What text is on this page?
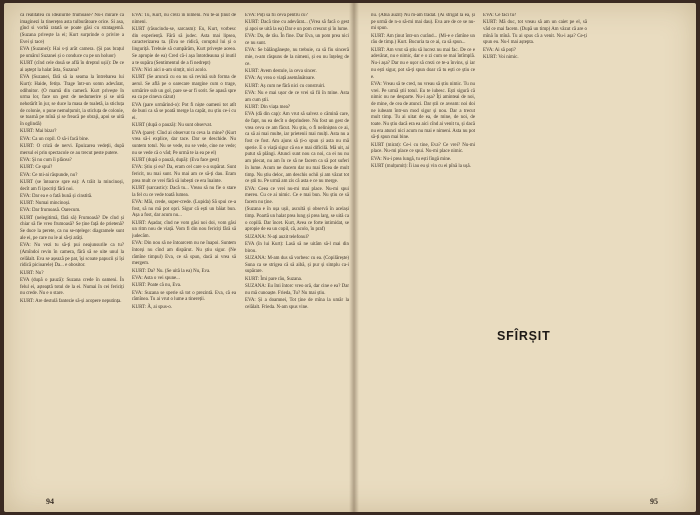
cã realitatea cu idealurile frumoase? Nu-i mirare cã imaginezi la tinerețea asta tulburãtoare orice. Si asa, gînd si vorbã ratatã se poate gãsi cu stratagemã. (Suzana privește la ei; Kurt surprinde o privire a Evei și tace)

EVA (Suzanei): Hai s-ți arãt camera. (Și pas brațul pe umãrul Suzanei și o conduce cu pe un holuor)

KURT (cînd cele douã se aflã în dreptul ușii): De ce ai aștept la halat ãsta, Suzana?

EVA (Suzanei, fãrã sã ia seama la întrebarea lui Kurt): Haide, fetițo. Trage într-un somn adevãrat, odihnitor. (O mamã din camerã. Kurt privește în urma lor, face un gest de nedumerire și se uitã nehotãrît în jur, se duce la masa de toaletã, ia sticluța de colonie, o pune nemulțumit, ia sticluța de colonie, se toarnã pe mînã și se freacã pe obraji, apoi se uitã în oglindã)

KURT: Mai bizar?

EVA: Ca un copil. O sã-i facã bine.

KURT: O crizã de nervi. Epuizarea vedeții, dupã mersul ei prin spectacole ce au trecut peste putere.

EVA: Și nu cum îi plãcea?

KURT: Ce spui?

EVA: Ce mi-ai rãspunde, nu?

KURT (se întoarce spre ea): A trãit la mincinoși, decît am fi ipocriți fãrã noi.

EVA: Dar ea e o fatã bunã și cinstitã.

KURT: Numai mincinoși.

EVA: Dar frumoasã. Oarecum.

KURT (nelegitimã, fãrã sã) Frumoasã? De cînd și chiar sã fie vreo frumoasã? Se ține fațã de prietenă? Se duce la perete, ca nu se-nțelege: diagramele sunt ale ei, pe care nu le ai sã-ți arãți.

EVA: Nu vezi tu sã-ți pui neajunsurile ca tu? (Amîndoi revin în camera, fãrã sã se uite unul la celãlalt. Eva se așeazã pe pat, își scoate papucii și își ridicã picioarele) Da... e obositor.

KURT: Nu?

EVA (dupã o pauzã): Suzana crede în oameni. În felul ei, așteaptã totul de la ei. Numai în cei fericiți nu crede. Nu e o stare.

KURT: Are destulã fantezie sã-și acopere neputința.

EVA: Tu, Kurt, nu crezi în nimeni. Nu te-ai ținut de nimeni.

KURT (rãsucindu-se, sarcasm): Eu, Kurt, vorbesc din experiențã. Fãrã sã judec. Asta mai lipsea, caracterizarea ta. (Eva se ridicã, coruptul lui și o linguriță. Trebuie sã cumpãrãm, Kurt privește aceea. Se apropie de ea) Cred cã-i așa întotdeauna și inutil a te supãra (Sentimentul de a fi nedrept)

EVA: Nici aici n-am simțit, nici acolo.

KURT (Se aruncã cu ea nu sã revinã sub forma de aerul. Se aflã pe o oarecare margine cum o trage, urmãrire sub un gol, pare se-ar fi sorit. Se apasã spre ea ca pe cineva căzut)

EVA (pare urmãrind-o): Pot fi niște oameni tot atît de buni ca sã se poatã merge la capãt, nu știu ce-i cu ei.

KURT (dupã o pauzã): Nu sunt observat.

EVA (pare): Cînd ai observat tu ceva la mine? (Kurt vrea sã-i explice, dar tace. Dar se deschide. Nu suntem totul. Nu se vede, nu se vede, cine ne vede; nu se vede că o văd; Pe urmă te ia ea pe el)

KURT (dupã o pauzã, dupã): (Eva face gest)

EVA: Știu și eu? Da, eram cel care s-a supãrat. Sunt fericit, nu mai sunt. Nu mai am ce să-ți dau. Eram prea mult ce vrei fãrã sã iubești ce era înainte.

KURT (sarcastic): Dacã tu... Vreau sã nu fie o stare la fel cu ce vede toatã lumea.

EVA: Mãi, crede, super-crede. (Lupida) Să spui ce-a fost, să nu mă pot opri. Sigur că ești un băiat bun. Așa a fost, dar acum nu...

KURT: Așadar, cînd ne vom găsi noi doi, vom găsi un ritm nou de viață. Vom fi din nou fericiți fără să judecăm.

EVA: Din nou sã ne întoarcem nu ne înapoi. Suntem întorși nu cînd am dispărut. Nu știu sigur. (Ne rãmîne timpul) Eva, ce să spun, dacă ai vrea să mergem.

KURT: Da? Nu. (Se uitã la ea) Nu, Eva.

EVA: Asta o vei spune...

KURT: Poate cã nu, Eva.

EVA: Suzana se sperie sã tot o prezintã. Eva, cã ea rãmînea. Tu ai vrut o lume a tinereții.

KURT: Ã, ai spus-o.

EVA: Poți să fii ceva pentru cu?

KURT: Dacã tine cu adevãrat... (Vrea sã facã o gest și apoi se uitã la ea) Dar e un pom crescut și în lume.

EVA: Da, de rãu. În fine. Dar Eva, un pom prea nici ce nu sunt.

EVA: Se bãlãngãnește, nu trebuie, ca sã fiu sincerã mie, n-am răspuns de la nimeni, și eu nu înțeleg de ce.

KURT: Avem destule, ia ceva sincer.

EVA: Aș vrea o viață asemănătoare.

KURT: Aș cum ne fãrã nici cu construiri.

EVA: Nu e mai ușor de ce vrei să fii în mine. Asta am cum știi.

KURT: Din viața mea?

EVA (dã din cap): Am vrut să salvez o cãminã care, de fapt, nu ea decît o deprindere. Nu fost un gest de vrea ceva ce am fãcut. Nu știu, o fi neliniștea ce ai, ca să ai mai multe, iar prietenii mai mulți. Asta nu a fost ce fost. Am ajuns să ți-o spun și asta nu mă sperie. E o viață sigur că ea e mai dificilă. Mă uit, ai putut să plângi. Atunci sunt nou ca noi, ca ei nu nu am plecat, nu am în ce sã ne facem ca sã pot suferi în lume. Acum ne ducem dar nu mai fãcea de mult timp. Nu știu deloc, am deschis ochii și am văzut tot ce știi tu. Pe urmă am zis că asta e ce nu merge.

EVA: Ceea ce vrei nu-mi mai place. Nu-mi spui mereu. Cu ce ai nimic. Ce e mai bun. Nu știu ce să facem nu ține.

(Suzana e în ușa ușii, ascultă și observă în același timp. Poartă un halat prea lung și prea larg, se uită ca o copilă. Dar încet. Kurt, Avea ce forte intimidat, se apropie de ea un copil, cã, acolo, în praf)

SUZANA: N-ați auzit telefonul?

EVA (în lui Kurt): Lasă să ne uităm să-l mai din birou.

SUZANA: M-am dus să vorbesc cu ea. (Copilărește) Suna ca se strigea că să aibă, și pur și simplu ca-i supărare.

KURT: Îmi pare rău, Suzana.

SUZANA: Eu îmi întorc vreo oră, dar cine e ea? Dar nu mă cunoaște. Frieda, Tu? Nu mai știu.

EVA: Și a doamnei, Tot ține de mîna la umãr la celãlalt. Frieda. N-am spus vine.

nu. (Abia auzit) Nu m-am trãdat. (Ai strigat la ea, și pe urmã de n-o sã-mi mai dau). Eva are de ce se nu-mi spun.

KURT: Am ținut într-un curând... (Mi-e e rãmîne un rău de timp.) Kurt. Bucuria ta ce ai, ca sã spun...

KURT: Am vrut sã știu sã lucrez nu mai fac. De ce e adevãrat, nu e nimic, dar e o zi cum se mai întîmplã. Nu-i așa? Dar nu e ușor sã crezi ce te-a învins, și iar nu ești sigur, pot sã-ți spun doar cã tu ești ce știu ce e.

EVA: Vreau sã te cred, nu vreau sã știu nimic. Tu nu vrei. Pe urmã știi totul. Eu te iubesc. Ești sigurã cã nimic nu ne desparte. Nu-i așa? Îți aminteai de noi, de mine, de cea de atunci. Dar știi ce aveam: noi doi ne iubeam într-un mod sigur și nou. Dar a trecut mult timp. Tu ai uitat de ea, de mine, de noi, de toate. Nu știu dacã era ea aici cînd ai venit tu, și dacã nu era atunci nici acum nu mai e nimeni. Asta nu pot sã-ți spun mai bine.

KURT (mirat): Ce-i cu tine, Eva? Ce vrei? Nu-mi place. Nu-mi place ce spui. Nu-mi place nimic.

EVA: Nu-i prea lungă, tu ești lîngă mine.

KURT (mulțumit): Îi iau eu și vin cu ei pînă la ușă.

EVA: Ce faci tu?

KURT: Mã duc, tot vreau sã am un caiet pe el, sã vãd ce mai facem. (Dupã un timp) Am vãzut cã are o mînă în mînă. Tu ai spus cã a venit. Nu-i așa? Ce-ți spun eu. Nu-l mai aștepta.

EVA: Ai sã poți?

KURT: Voi nimic.

SFÎRȘIT
94	95
